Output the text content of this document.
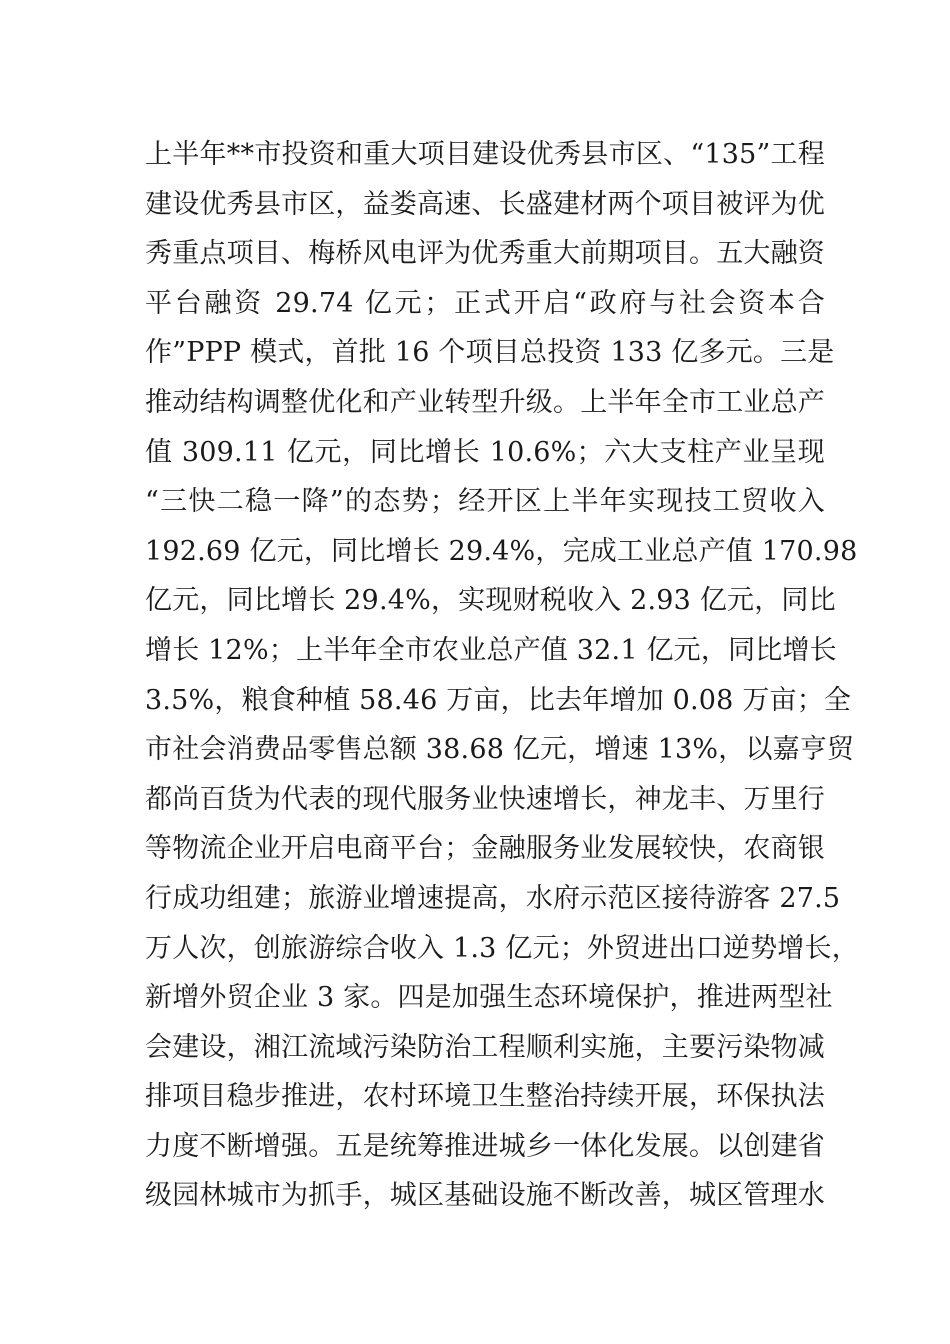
上半年**市投资和重大项目建设优秀县市区、“135”工程
建设优秀县市区，益娄高速、长盛建材两个项目被评为优
秀重点项目、梅桥风电评为优秀重大前期项目。五大融资
平台融资 29.74 亿元；正式开启“政府与社会资本合
作”PPP 模式，首批 16 个项目总投资 133 亿多元。三是
推动结构调整优化和产业转型升级。上半年全市工业总产
值 309.11 亿元，同比增长 10.6%；六大支柱产业呈现
“三快二稳一降”的态势；经开区上半年实现技工贸收入
192.69 亿元，同比增长 29.4%，完成工业总产值 170.98
亿元，同比增长 29.4%，实现财税收入 2.93 亿元，同比
增长 12%；上半年全市农业总产值 32.1 亿元，同比增长
3.5%，粮食种植 58.46 万亩，比去年增加 0.08 万亩；全
市社会消费品零售总额 38.68 亿元，增速 13%，以嘉亨贸
都尚百货为代表的现代服务业快速增长，神龙丰、万里行
等物流企业开启电商平台；金融服务业发展较快，农商银
行成功组建；旅游业增速提高，水府示范区接待游客 27.5
万人次，创旅游综合收入 1.3 亿元；外贸进出口逆势增长，
新增外贸企业 3 家。四是加强生态环境保护，推进两型社
会建设，湘江流域污染防治工程顺利实施，主要污染物减
排项目稳步推进，农村环境卫生整治持续开展，环保执法
力度不断增强。五是统筹推进城乡一体化发展。以创建省
级园林城市为抓手，城区基础设施不断改善，城区管理水
